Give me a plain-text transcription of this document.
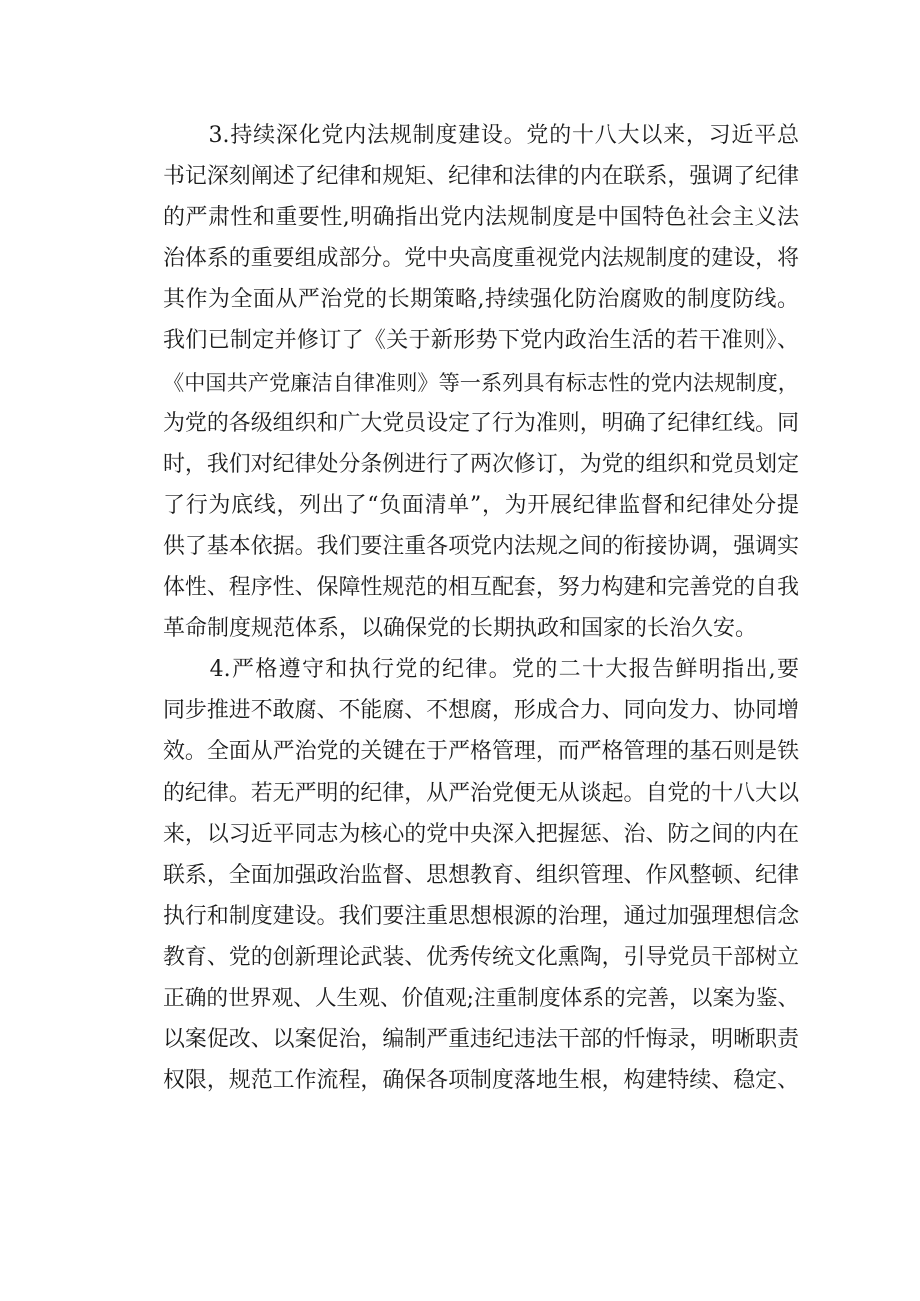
　　3.持续深化党内法规制度建设。党的十八大以来，习近平总
书记深刻阐述了纪律和规矩、纪律和法律的内在联系，强调了纪律
的严肃性和重要性,明确指出党内法规制度是中国特色社会主义法
治体系的重要组成部分。党中央高度重视党内法规制度的建设，将
其作为全面从严治党的长期策略,持续强化防治腐败的制度防线。
我们已制定并修订了《关于新形势下党内政治生活的若干准则》、
《中国共产党廉洁自律准则》等一系列具有标志性的党内法规制度，
为党的各级组织和广大党员设定了行为准则，明确了纪律红线。同
时，我们对纪律处分条例进行了两次修订，为党的组织和党员划定
了行为底线，列出了“负面清单”，为开展纪律监督和纪律处分提
供了基本依据。我们要注重各项党内法规之间的衔接协调，强调实
体性、程序性、保障性规范的相互配套，努力构建和完善党的自我
革命制度规范体系，以确保党的长期执政和国家的长治久安。
　　4.严格遵守和执行党的纪律。党的二十大报告鲜明指出,要
同步推进不敢腐、不能腐、不想腐，形成合力、同向发力、协同增
效。全面从严治党的关键在于严格管理，而严格管理的基石则是铁
的纪律。若无严明的纪律，从严治党便无从谈起。自党的十八大以
来，以习近平同志为核心的党中央深入把握惩、治、防之间的内在
联系，全面加强政治监督、思想教育、组织管理、作风整顿、纪律
执行和制度建设。我们要注重思想根源的治理，通过加强理想信念
教育、党的创新理论武装、优秀传统文化熏陶，引导党员干部树立
正确的世界观、人生观、价值观;注重制度体系的完善，以案为鉴、
以案促改、以案促治，编制严重违纪违法干部的忏悔录，明晰职责
权限，规范工作流程，确保各项制度落地生根，构建特续、稳定、
